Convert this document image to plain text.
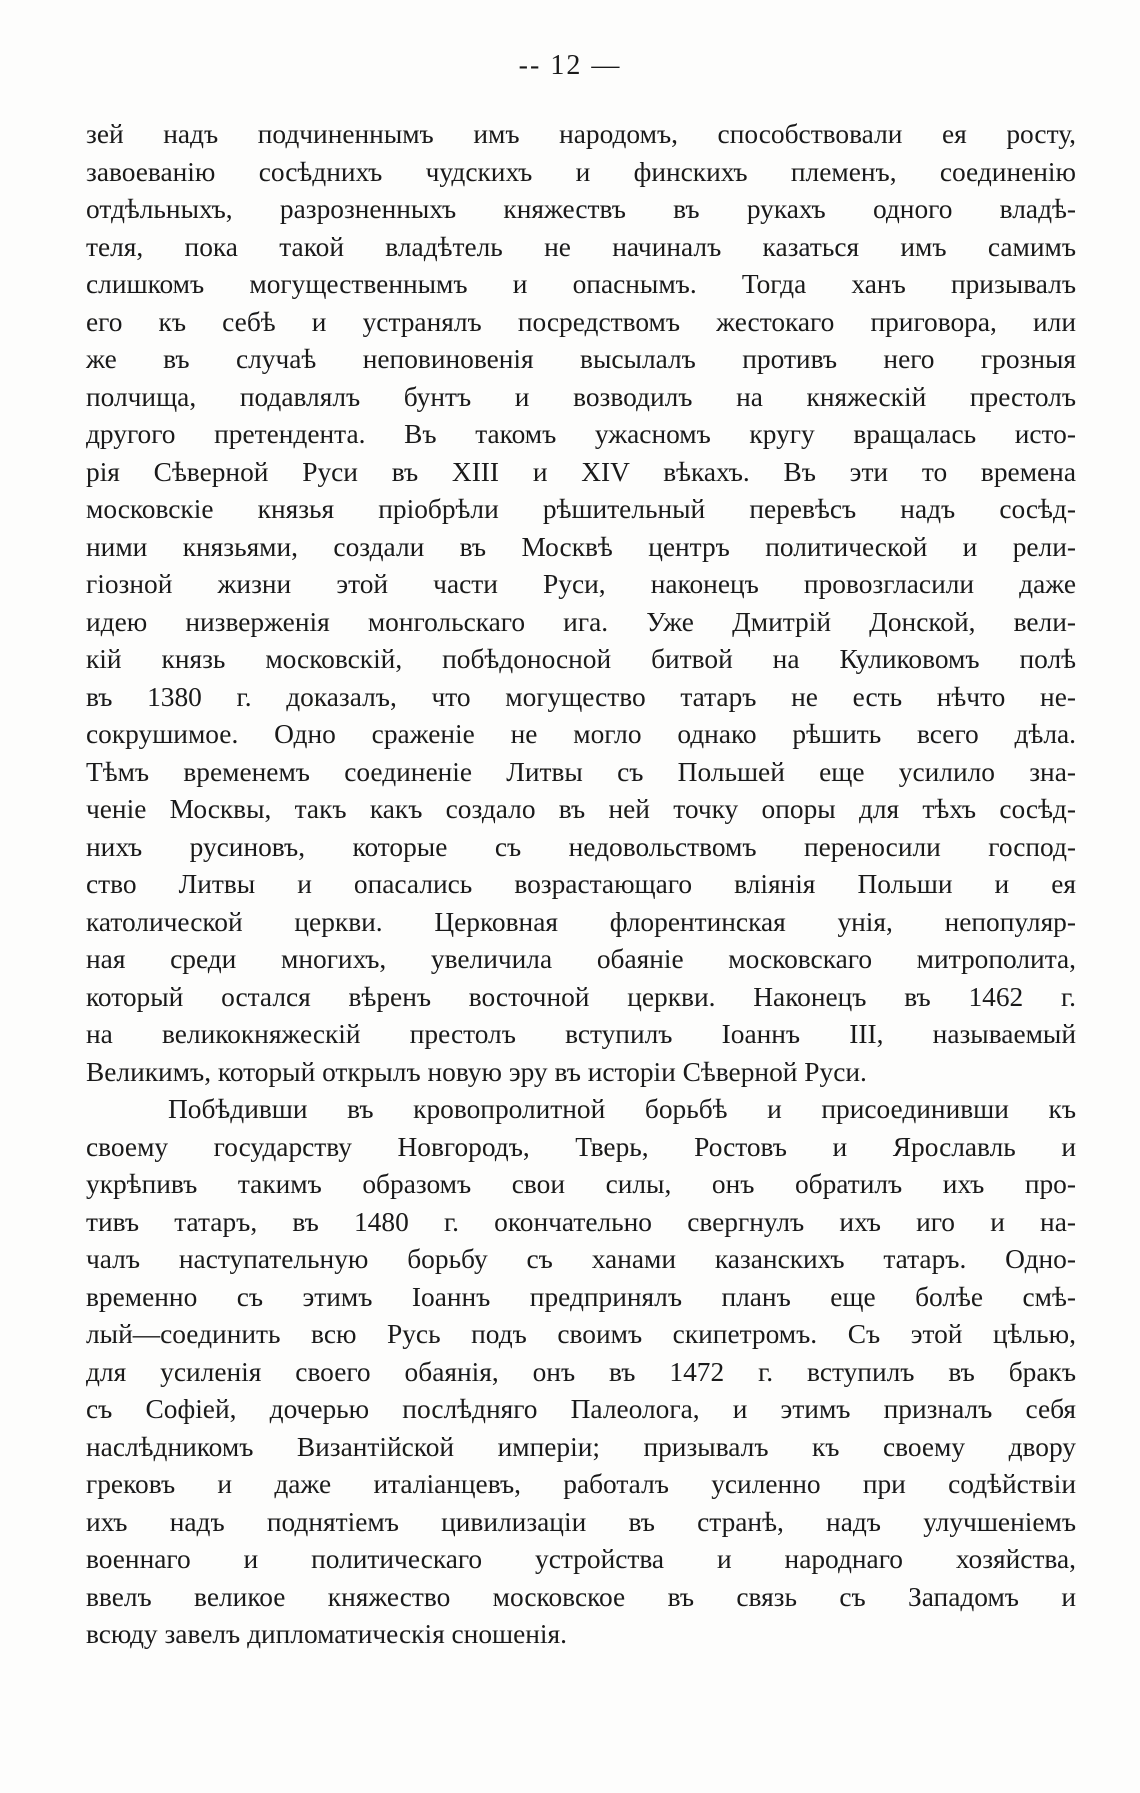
-- 12 —
зей надъ подчиненнымъ имъ народомъ, способствовали ея росту,
завоеванію сосѣднихъ чудскихъ и финскихъ племенъ, соединенію
отдѣльныхъ, разрозненныхъ княжествъ въ рукахъ одного владѣ-
теля, пока такой владѣтель не начиналъ казаться имъ самимъ
слишкомъ могущественнымъ и опаснымъ. Тогда ханъ призывалъ
его къ себѣ и устранялъ посредствомъ жестокаго приговора, или
же въ случаѣ неповиновенія высылалъ противъ него грозныя
полчища, подавлялъ бунтъ и возводилъ на княжескій престолъ
другого претендента. Въ такомъ ужасномъ кругу вращалась исто-
рія Сѣверной Руси въ XIII и XIV вѣкахъ. Въ эти то времена
московскіе князья пріобрѣли рѣшительный перевѣсъ надъ сосѣд-
ними князьями, создали въ Москвѣ центръ политической и рели-
гіозной жизни этой части Руси, наконецъ провозгласили даже
идею низверженія монгольскаго ига. Уже Дмитрій Донской, вели-
кій князь московскій, побѣдоносной битвой на Куликовомъ полѣ
въ 1380 г. доказалъ, что могущество татаръ не есть нѣчто не-
сокрушимое. Одно сраженіе не могло однако рѣшить всего дѣла.
Тѣмъ временемъ соединеніе Литвы съ Польшей еще усилило зна-
ченіе Москвы, такъ какъ создало въ ней точку опоры для тѣхъ сосѣд-
нихъ русиновъ, которые съ недовольствомъ переносили господ-
ство Литвы и опасались возрастающаго вліянія Польши и ея
католической церкви. Церковная флорентинская унія, непопуляр-
ная среди многихъ, увеличила обаяніе московскаго митрополита,
который остался вѣренъ восточной церкви. Наконецъ въ 1462 г.
на великокняжескій престолъ вступилъ Іоаннъ III, называемый
Великимъ, который открылъ новую эру въ исторіи Сѣверной Руси.
Побѣдивши въ кровопролитной борьбѣ и присоединивши къ
своему государству Новгородъ, Тверь, Ростовъ и Ярославль и
укрѣпивъ такимъ образомъ свои силы, онъ обратилъ ихъ про-
тивъ татаръ, въ 1480 г. окончательно свергнулъ ихъ иго и на-
чалъ наступательную борьбу съ ханами казанскихъ татаръ. Одно-
временно съ этимъ Іоаннъ предпринялъ планъ еще болѣе смѣ-
лый—соединить всю Русь подъ своимъ скипетромъ. Съ этой цѣлью,
для усиленія своего обаянія, онъ въ 1472 г. вступилъ въ бракъ
съ Софіей, дочерью послѣдняго Палеолога, и этимъ призналъ себя
наслѣдникомъ Византійской имперіи; призывалъ къ своему двору
грековъ и даже италіанцевъ, работалъ усиленно при содѣйствіи
ихъ надъ поднятіемъ цивилизаціи въ странѣ, надъ улучшеніемъ
военнаго и политическаго устройства и народнаго хозяйства,
ввелъ великое княжество московское въ связь съ Западомъ и
всюду завелъ дипломатическія сношенія.
